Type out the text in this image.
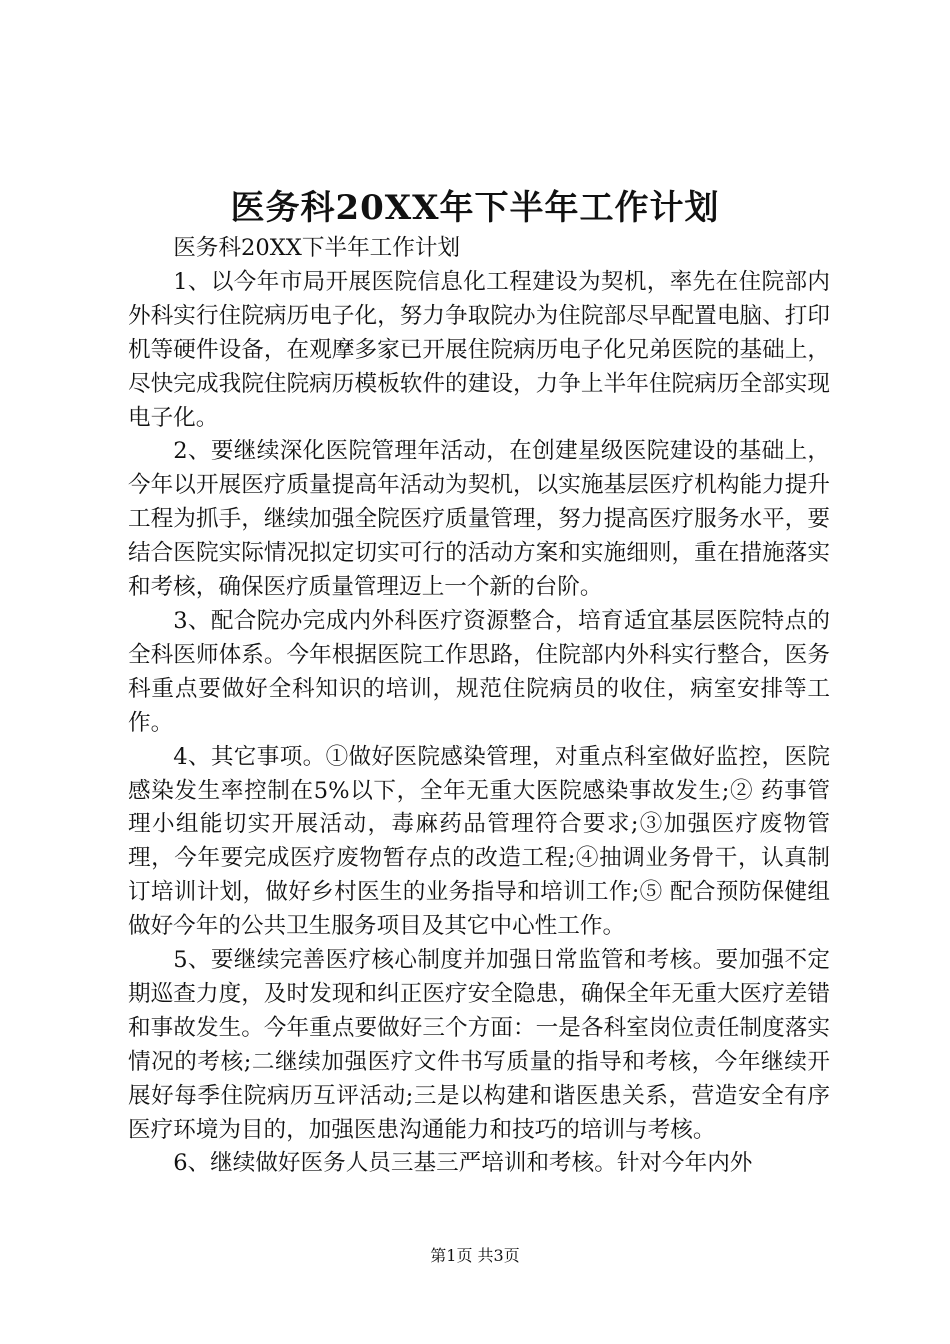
医务科20XX年下半年工作计划

医务科20XX下半年工作计划

1、以今年市局开展医院信息化工程建设为契机，率先在住院部内外科实行住院病历电子化，努力争取院办为住院部尽早配置电脑、打印机等硬件设备，在观摩多家已开展住院病历电子化兄弟医院的基础上，尽快完成我院住院病历模板软件的建设，力争上半年住院病历全部实现电子化。

2、要继续深化医院管理年活动，在创建星级医院建设的基础上，今年以开展医疗质量提高年活动为契机，以实施基层医疗机构能力提升工程为抓手，继续加强全院医疗质量管理，努力提高医疗服务水平，要结合医院实际情况拟定切实可行的活动方案和实施细则，重在措施落实和考核，确保医疗质量管理迈上一个新的台阶。

3、配合院办完成内外科医疗资源整合，培育适宜基层医院特点的全科医师体系。今年根据医院工作思路，住院部内外科实行整合，医务科重点要做好全科知识的培训，规范住院病员的收住，病室安排等工作。

4、其它事项。①做好医院感染管理，对重点科室做好监控，医院感染发生率控制在5%以下，全年无重大医院感染事故发生;② 药事管理小组能切实开展活动，毒麻药品管理符合要求;③加强医疗废物管理，今年要完成医疗废物暂存点的改造工程;④抽调业务骨干，认真制订培训计划，做好乡村医生的业务指导和培训工作;⑤ 配合预防保健组做好今年的公共卫生服务项目及其它中心性工作。

5、要继续完善医疗核心制度并加强日常监管和考核。要加强不定期巡查力度，及时发现和纠正医疗安全隐患，确保全年无重大医疗差错和事故发生。今年重点要做好三个方面：一是各科室岗位责任制度落实情况的考核;二继续加强医疗文件书写质量的指导和考核，今年继续开展好每季住院病历互评活动;三是以构建和谐医患关系，营造安全有序医疗环境为目的，加强医患沟通能力和技巧的培训与考核。

6、继续做好医务人员三基三严培训和考核。针对今年内外

第1页 共3页
